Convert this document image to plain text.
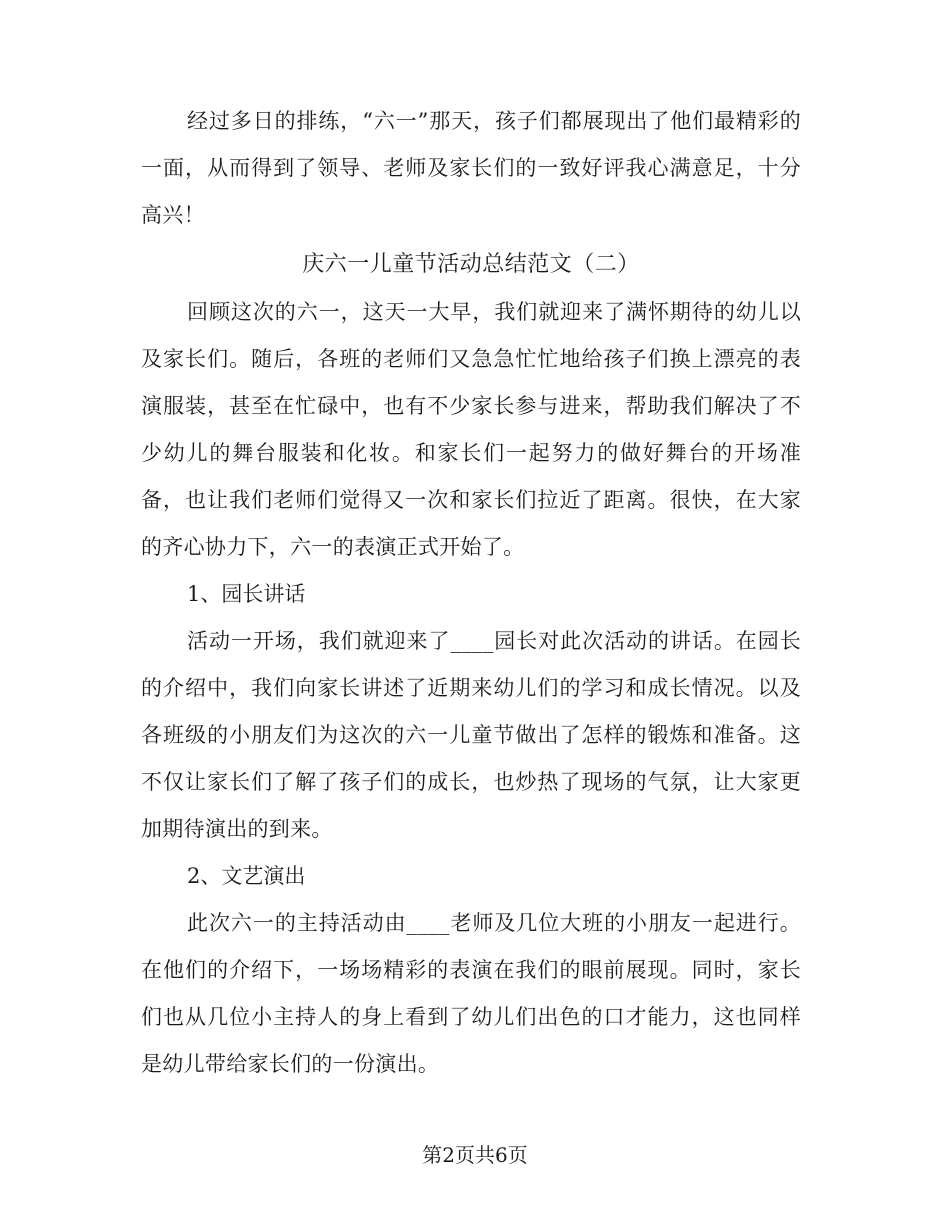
经过多日的排练，“六一”那天，孩子们都展现出了他们最精彩的一面，从而得到了领导、老师及家长们的一致好评我心满意足，十分高兴！

庆六一儿童节活动总结范文（二）

回顾这次的六一，这天一大早，我们就迎来了满怀期待的幼儿以及家长们。随后，各班的老师们又急急忙忙地给孩子们换上漂亮的表演服装，甚至在忙碌中，也有不少家长参与进来，帮助我们解决了不少幼儿的舞台服装和化妆。和家长们一起努力的做好舞台的开场准备，也让我们老师们觉得又一次和家长们拉近了距离。很快，在大家的齐心协力下，六一的表演正式开始了。

1、园长讲话

活动一开场，我们就迎来了____园长对此次活动的讲话。在园长的介绍中，我们向家长讲述了近期来幼儿们的学习和成长情况。以及各班级的小朋友们为这次的六一儿童节做出了怎样的锻炼和准备。这不仅让家长们了解了孩子们的成长，也炒热了现场的气氛，让大家更加期待演出的到来。

2、文艺演出

此次六一的主持活动由____老师及几位大班的小朋友一起进行。在他们的介绍下，一场场精彩的表演在我们的眼前展现。同时，家长们也从几位小主持人的身上看到了幼儿们出色的口才能力，这也同样是幼儿带给家长们的一份演出。

第2页共6页
